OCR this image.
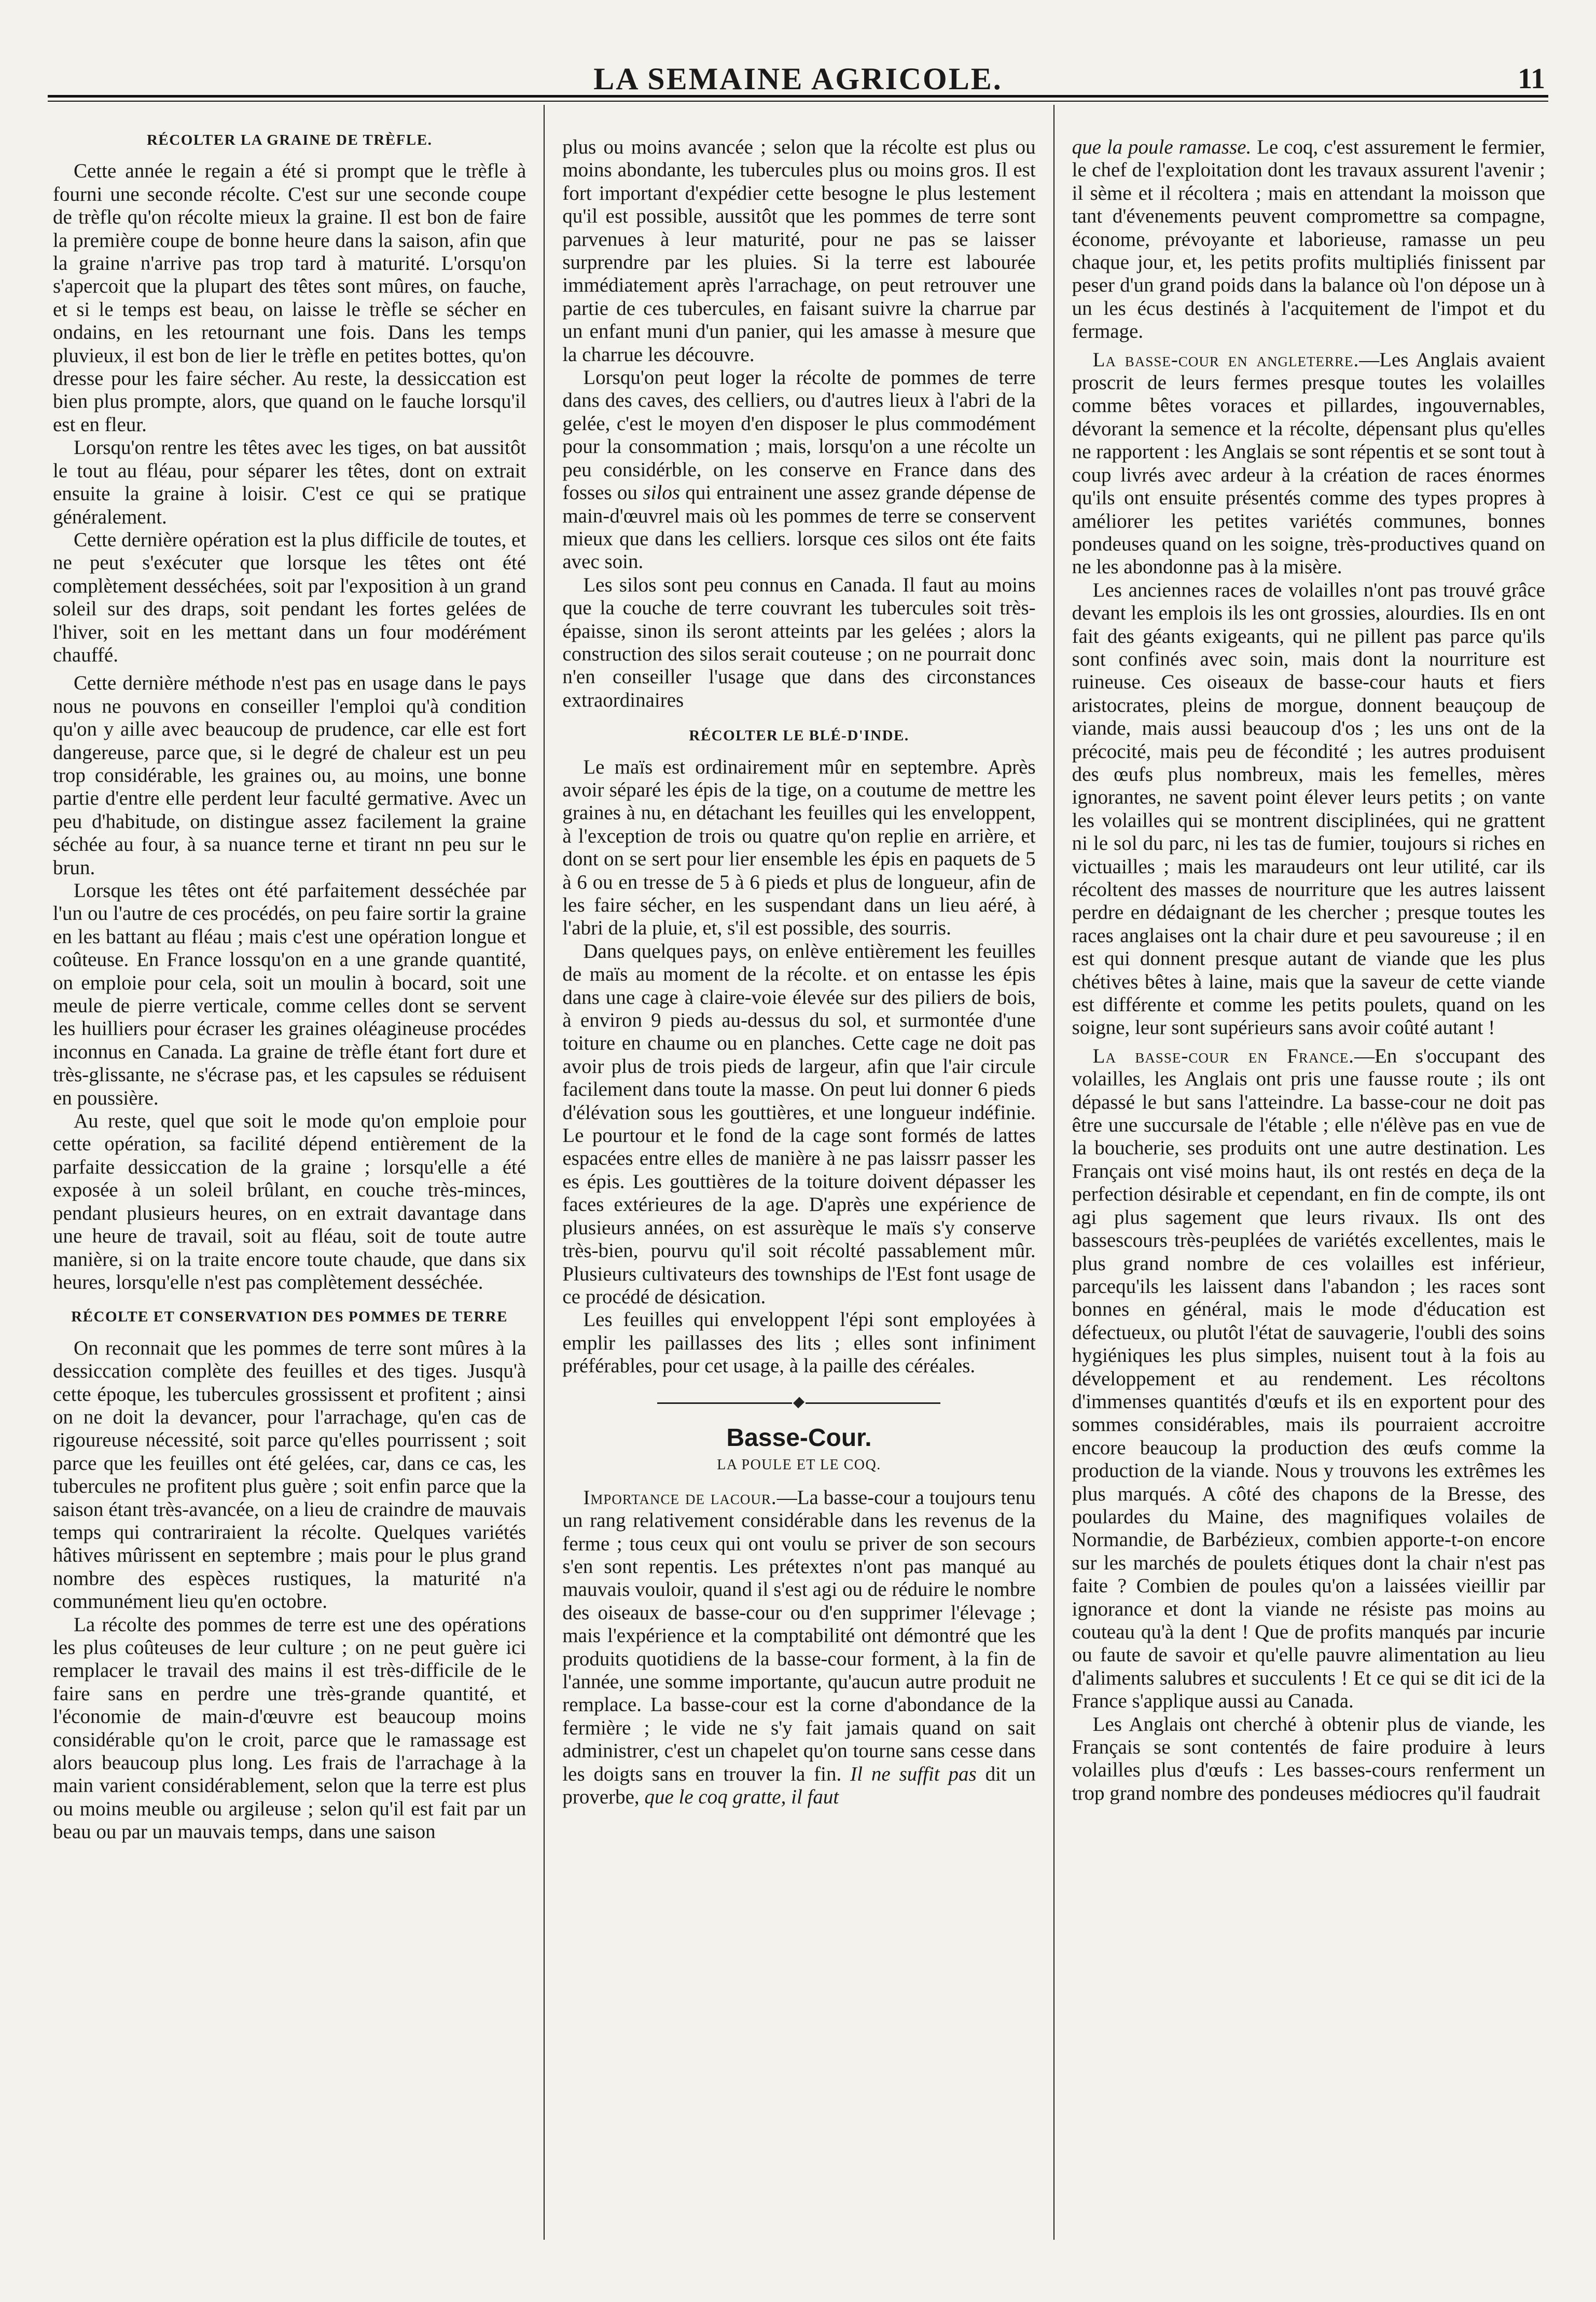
LA SEMAINE AGRICOLE.	11
RÉCOLTER LA GRAINE DE TRÈFLE.

Cette année le regain a été si prompt que le trèfle à fourni une seconde récolte. C'est sur une seconde coupe de trèfle qu'on récolte mieux la graine. Il est bon de faire la première coupe de bonne heure dans la saison, afin que la graine n'arrive pas trop tard à maturité. L'orsqu'on s'apercoit que la plupart des têtes sont mûres, on fauche, et si le temps est beau, on laisse le trèfle se sécher en ondains, en les retournant une fois. Dans les temps pluvieux, il est bon de lier le trèfle en petites bottes, qu'on dresse pour les faire sécher. Au reste, la dessiccation est bien plus prompte, alors, que quand on le fauche lorsqu'il est en fleur.

Lorsqu'on rentre les têtes avec les tiges, on bat aussitôt le tout au fléau, pour séparer les têtes, dont on extrait ensuite la graine à loisir. C'est ce qui se pratique généralement.

Cette dernière opération est la plus difficile de toutes, et ne peut s'exécuter que lorsque les têtes ont été complètement desséchées, soit par l'exposition à un grand soleil sur des draps, soit pendant les fortes gelées de l'hiver, soit en les mettant dans un four modérément chauffé.

Cette dernière méthode n'est pas en usage dans le pays nous ne pouvons en conseiller l'emploi qu'à condition qu'on y aille avec beaucoup de prudence, car elle est fort dangereuse, parce que, si le degré de chaleur est un peu trop considérable, les graines ou, au moins, une bonne partie d'entre elle perdent leur faculté germative. Avec un peu d'habitude, on distingue assez facilement la graine séchée au four, à sa nuance terne et tirant nn peu sur le brun.

Lorsque les têtes ont été parfaitement desséchée par l'un ou l'autre de ces procédés, on peu faire sortir la graine en les battant au fléau ; mais c'est une opération longue et coûteuse. En France lossqu'on en a une grande quantité, on emploie pour cela, soit un moulin à bocard, soit une meule de pierre verticale, comme celles dont se servent les huilliers pour écraser les graines oléagineuse procédes inconnus en Canada. La graine de trèfle étant fort dure et très-glissante, ne s'écrase pas, et les capsules se réduisent en poussière.

Au reste, quel que soit le mode qu'on emploie pour cette opération, sa facilité dépend entièrement de la parfaite dessiccation de la graine ; lorsqu'elle a été exposée à un soleil brûlant, en couche très-minces, pendant plusieurs heures, on en extrait davantage dans une heure de travail, soit au fléau, soit de toute autre manière, si on la traite encore toute chaude, que dans six heures, lorsqu'elle n'est pas complètement desséchée.

RÉCOLTE ET CONSERVATION DES POMMES DE TERRE

On reconnait que les pommes de terre sont mûres à la dessiccation complète des feuilles et des tiges. Jusqu'à cette époque, les tubercules grossissent et profitent ; ainsi on ne doit la devancer, pour l'arrachage, qu'en cas de rigoureuse nécessité, soit parce qu'elles pourrissent ; soit parce que les feuilles ont été gelées, car, dans ce cas, les tubercules ne profitent plus guère ; soit enfin parce que la saison étant très-avancée, on a lieu de craindre de mauvais temps qui contrariraient la récolte. Quelques variétés hâtives mûrissent en septembre ; mais pour le plus grand nombre des espèces rustiques, la maturité n'a communément lieu qu'en octobre.

La récolte des pommes de terre est une des opérations les plus coûteuses de leur culture ; on ne peut guère ici remplacer le travail des mains il est très-difficile de le faire sans en perdre une très-grande quantité, et l'économie de main-d'œuvre est beaucoup moins considérable qu'on le croit, parce que le ramassage est alors beaucoup plus long. Les frais de l'arrachage à la main varient considérablement, selon que la terre est plus ou moins meuble ou argileuse ; selon qu'il est fait par un beau ou par un mauvais temps, dans une saison

plus ou moins avancée ; selon que la récolte est plus ou moins abondante, les tubercules plus ou moins gros. Il est fort important d'expédier cette besogne le plus lestement qu'il est possible, aussitôt que les pommes de terre sont parvenues à leur maturité, pour ne pas se laisser surprendre par les pluies. Si la terre est labourée immédiatement après l'arrachage, on peut retrouver une partie de ces tubercules, en faisant suivre la charrue par un enfant muni d'un panier, qui les amasse à mesure que la charrue les découvre.

Lorsqu'on peut loger la récolte de pommes de terre dans des caves, des celliers, ou d'autres lieux à l'abri de la gelée, c'est le moyen d'en disposer le plus commodément pour la consommation ; mais, lorsqu'on a une récolte un peu considérble, on les conserve en France dans des fosses ou silos qui entrainent une assez grande dépense de main-d'œuvrel mais où les pommes de terre se conservent mieux que dans les celliers. lorsque ces silos ont éte faits avec soin.

Les silos sont peu connus en Canada. Il faut au moins que la couche de terre couvrant les tubercules soit très-épaisse, sinon ils seront atteints par les gelées ; alors la construction des silos serait couteuse ; on ne pourrait donc n'en conseiller l'usage que dans des circonstances extraordinaires

RÉCOLTER LE BLÉ-D'INDE.

Le maïs est ordinairement mûr en septembre. Après avoir séparé les épis de la tige, on a coutume de mettre les graines à nu, en détachant les feuilles qui les enveloppent, à l'exception de trois ou quatre qu'on replie en arrière, et dont on se sert pour lier ensemble les épis en paquets de 5 à 6 ou en tresse de 5 à 6 pieds et plus de longueur, afin de les faire sécher, en les suspendant dans un lieu aéré, à l'abri de la pluie, et, s'il est possible, des sourris.

Dans quelques pays, on enlève entièrement les feuilles de maïs au moment de la récolte. et on entasse les épis dans une cage à claire-voie élevée sur des piliers de bois, à environ 9 pieds au-dessus du sol, et surmontée d'une toiture en chaume ou en planches. Cette cage ne doit pas avoir plus de trois pieds de largeur, afin que l'air circule facilement dans toute la masse. On peut lui donner 6 pieds d'élévation sous les gouttières, et une longueur indéfinie. Le pourtour et le fond de la cage sont formés de lattes espacées entre elles de manière à ne pas laissrr passer les es épis. Les gouttières de la toiture doivent dépasser les faces extérieures de la age. D'après une expérience de plusieurs années, on est assurèque le maïs s'y conserve très-bien, pourvu qu'il soit récolté passablement mûr. Plusieurs cultivateurs des townships de l'Est font usage de ce procédé de désication.

Les feuilles qui enveloppent l'épi sont employées à emplir les paillasses des lits ; elles sont infiniment préférables, pour cet usage, à la paille des céréales.

Basse-Cour.
LA POULE ET LE COQ.

Importance de lacour.—La basse-cour a toujours tenu un rang relativement considérable dans les revenus de la ferme ; tous ceux qui ont voulu se priver de son secours s'en sont repentis. Les prétextes n'ont pas manqué au mauvais vouloir, quand il s'est agi ou de réduire le nombre des oiseaux de basse-cour ou d'en supprimer l'élevage ; mais l'expérience et la comptabilité ont démontré que les produits quotidiens de la basse-cour forment, à la fin de l'année, une somme importante, qu'aucun autre produit ne remplace. La basse-cour est la corne d'abondance de la fermière ; le vide ne s'y fait jamais quand on sait administrer, c'est un chapelet qu'on tourne sans cesse dans les doigts sans en trouver la fin. Il ne suffit pas dit un proverbe, que le coq gratte, il faut

que la poule ramasse. Le coq, c'est assurement le fermier, le chef de l'exploitation dont les travaux assurent l'avenir ; il sème et il récoltera ; mais en attendant la moisson que tant d'évenements peuvent compromettre sa compagne, économe, prévoyante et laborieuse, ramasse un peu chaque jour, et, les petits profits multipliés finissent par peser d'un grand poids dans la balance où l'on dépose un à un les écus destinés à l'acquitement de l'impot et du fermage.

La basse-cour en angleterre.—Les Anglais avaient proscrit de leurs fermes presque toutes les volailles comme bêtes voraces et pillardes, ingouvernables, dévorant la semence et la récolte, dépensant plus qu'elles ne rapportent : les Anglais se sont répentis et se sont tout à coup livrés avec ardeur à la création de races énormes qu'ils ont ensuite présentés comme des types propres à améliorer les petites variétés communes, bonnes pondeuses quand on les soigne, très-productives quand on ne les abondonne pas à la misère.

Les anciennes races de volailles n'ont pas trouvé grâce devant les emplois ils les ont grossies, alourdies. Ils en ont fait des géants exigeants, qui ne pillent pas parce qu'ils sont confinés avec soin, mais dont la nourriture est ruineuse. Ces oiseaux de basse-cour hauts et fiers aristocrates, pleins de morgue, donnent beauçoup de viande, mais aussi beaucoup d'os ; les uns ont de la précocité, mais peu de fécondité ; les autres produisent des œufs plus nombreux, mais les femelles, mères ignorantes, ne savent point élever leurs petits ; on vante les volailles qui se montrent disciplinées, qui ne grattent ni le sol du parc, ni les tas de fumier, toujours si riches en victuailles ; mais les maraudeurs ont leur utilité, car ils récoltent des masses de nourriture que les autres laissent perdre en dédaignant de les chercher ; presque toutes les races anglaises ont la chair dure et peu savoureuse ; il en est qui donnent presque autant de viande que les plus chétives bêtes à laine, mais que la saveur de cette viande est différente et comme les petits poulets, quand on les soigne, leur sont supérieurs sans avoir coûté autant !

La basse-cour en France.—En s'occupant des volailles, les Anglais ont pris une fausse route ; ils ont dépassé le but sans l'atteindre. La basse-cour ne doit pas être une succursale de l'étable ; elle n'élève pas en vue de la boucherie, ses produits ont une autre destination. Les Français ont visé moins haut, ils ont restés en deça de la perfection désirable et cependant, en fin de compte, ils ont agi plus sagement que leurs rivaux. Ils ont des bassescours très-peuplées de variétés excellentes, mais le plus grand nombre de ces volailles est inférieur, parcequ'ils les laissent dans l'abandon ; les races sont bonnes en général, mais le mode d'éducation est défectueux, ou plutôt l'état de sauvagerie, l'oubli des soins hygiéniques les plus simples, nuisent tout à la fois au développement et au rendement. Les récoltons d'immenses quantités d'œufs et ils en exportent pour des sommes considérables, mais ils pourraient accroitre encore beaucoup la production des œufs comme la production de la viande. Nous y trouvons les extrêmes les plus marqués. A côté des chapons de la Bresse, des poulardes du Maine, des magnifiques volailes de Normandie, de Barbézieux, combien apporte-t-on encore sur les marchés de poulets étiques dont la chair n'est pas faite ? Combien de poules qu'on a laissées vieillir par ignorance et dont la viande ne résiste pas moins au couteau qu'à la dent ! Que de profits manqués par incurie ou faute de savoir et qu'elle pauvre alimentation au lieu d'aliments salubres et succulents ! Et ce qui se dit ici de la France s'applique aussi au Canada.

Les Anglais ont cherché à obtenir plus de viande, les Français se sont contentés de faire produire à leurs volailles plus d'œufs : Les basses-cours renferment un trop grand nombre des pondeuses médiocres qu'il faudrait
